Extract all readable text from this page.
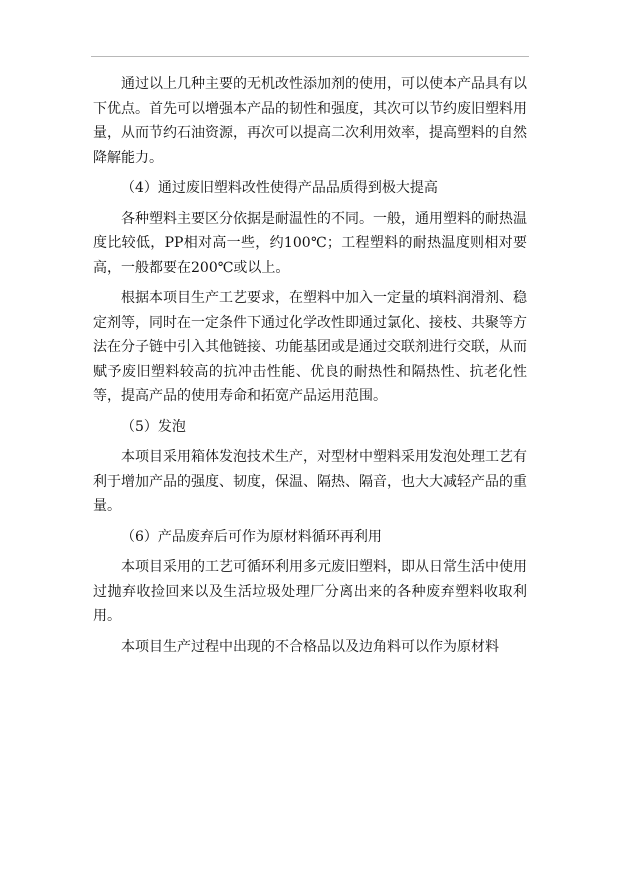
通过以上几种主要的无机改性添加剂的使用，可以使本产品具有以下优点。首先可以增强本产品的韧性和强度，其次可以节约废旧塑料用量，从而节约石油资源，再次可以提高二次利用效率，提高塑料的自然降解能力。

（4）通过废旧塑料改性使得产品品质得到极大提高

各种塑料主要区分依据是耐温性的不同。一般，通用塑料的耐热温度比较低，PP相对高一些，约100℃；工程塑料的耐热温度则相对要高，一般都要在200℃或以上。

根据本项目生产工艺要求，在塑料中加入一定量的填料润滑剂、稳定剂等，同时在一定条件下通过化学改性即通过氯化、接枝、共聚等方法在分子链中引入其他链接、功能基团或是通过交联剂进行交联，从而赋予废旧塑料较高的抗冲击性能、优良的耐热性和隔热性、抗老化性等，提高产品的使用寿命和拓宽产品运用范围。

（5）发泡

本项目采用箱体发泡技术生产，对型材中塑料采用发泡处理工艺有利于增加产品的强度、韧度，保温、隔热、隔音，也大大减轻产品的重量。

（6）产品废弃后可作为原材料循环再利用

本项目采用的工艺可循环利用多元废旧塑料，即从日常生活中使用过抛弃收捡回来以及生活垃圾处理厂分离出来的各种废弃塑料收取利用。

本项目生产过程中出现的不合格品以及边角料可以作为原材料
